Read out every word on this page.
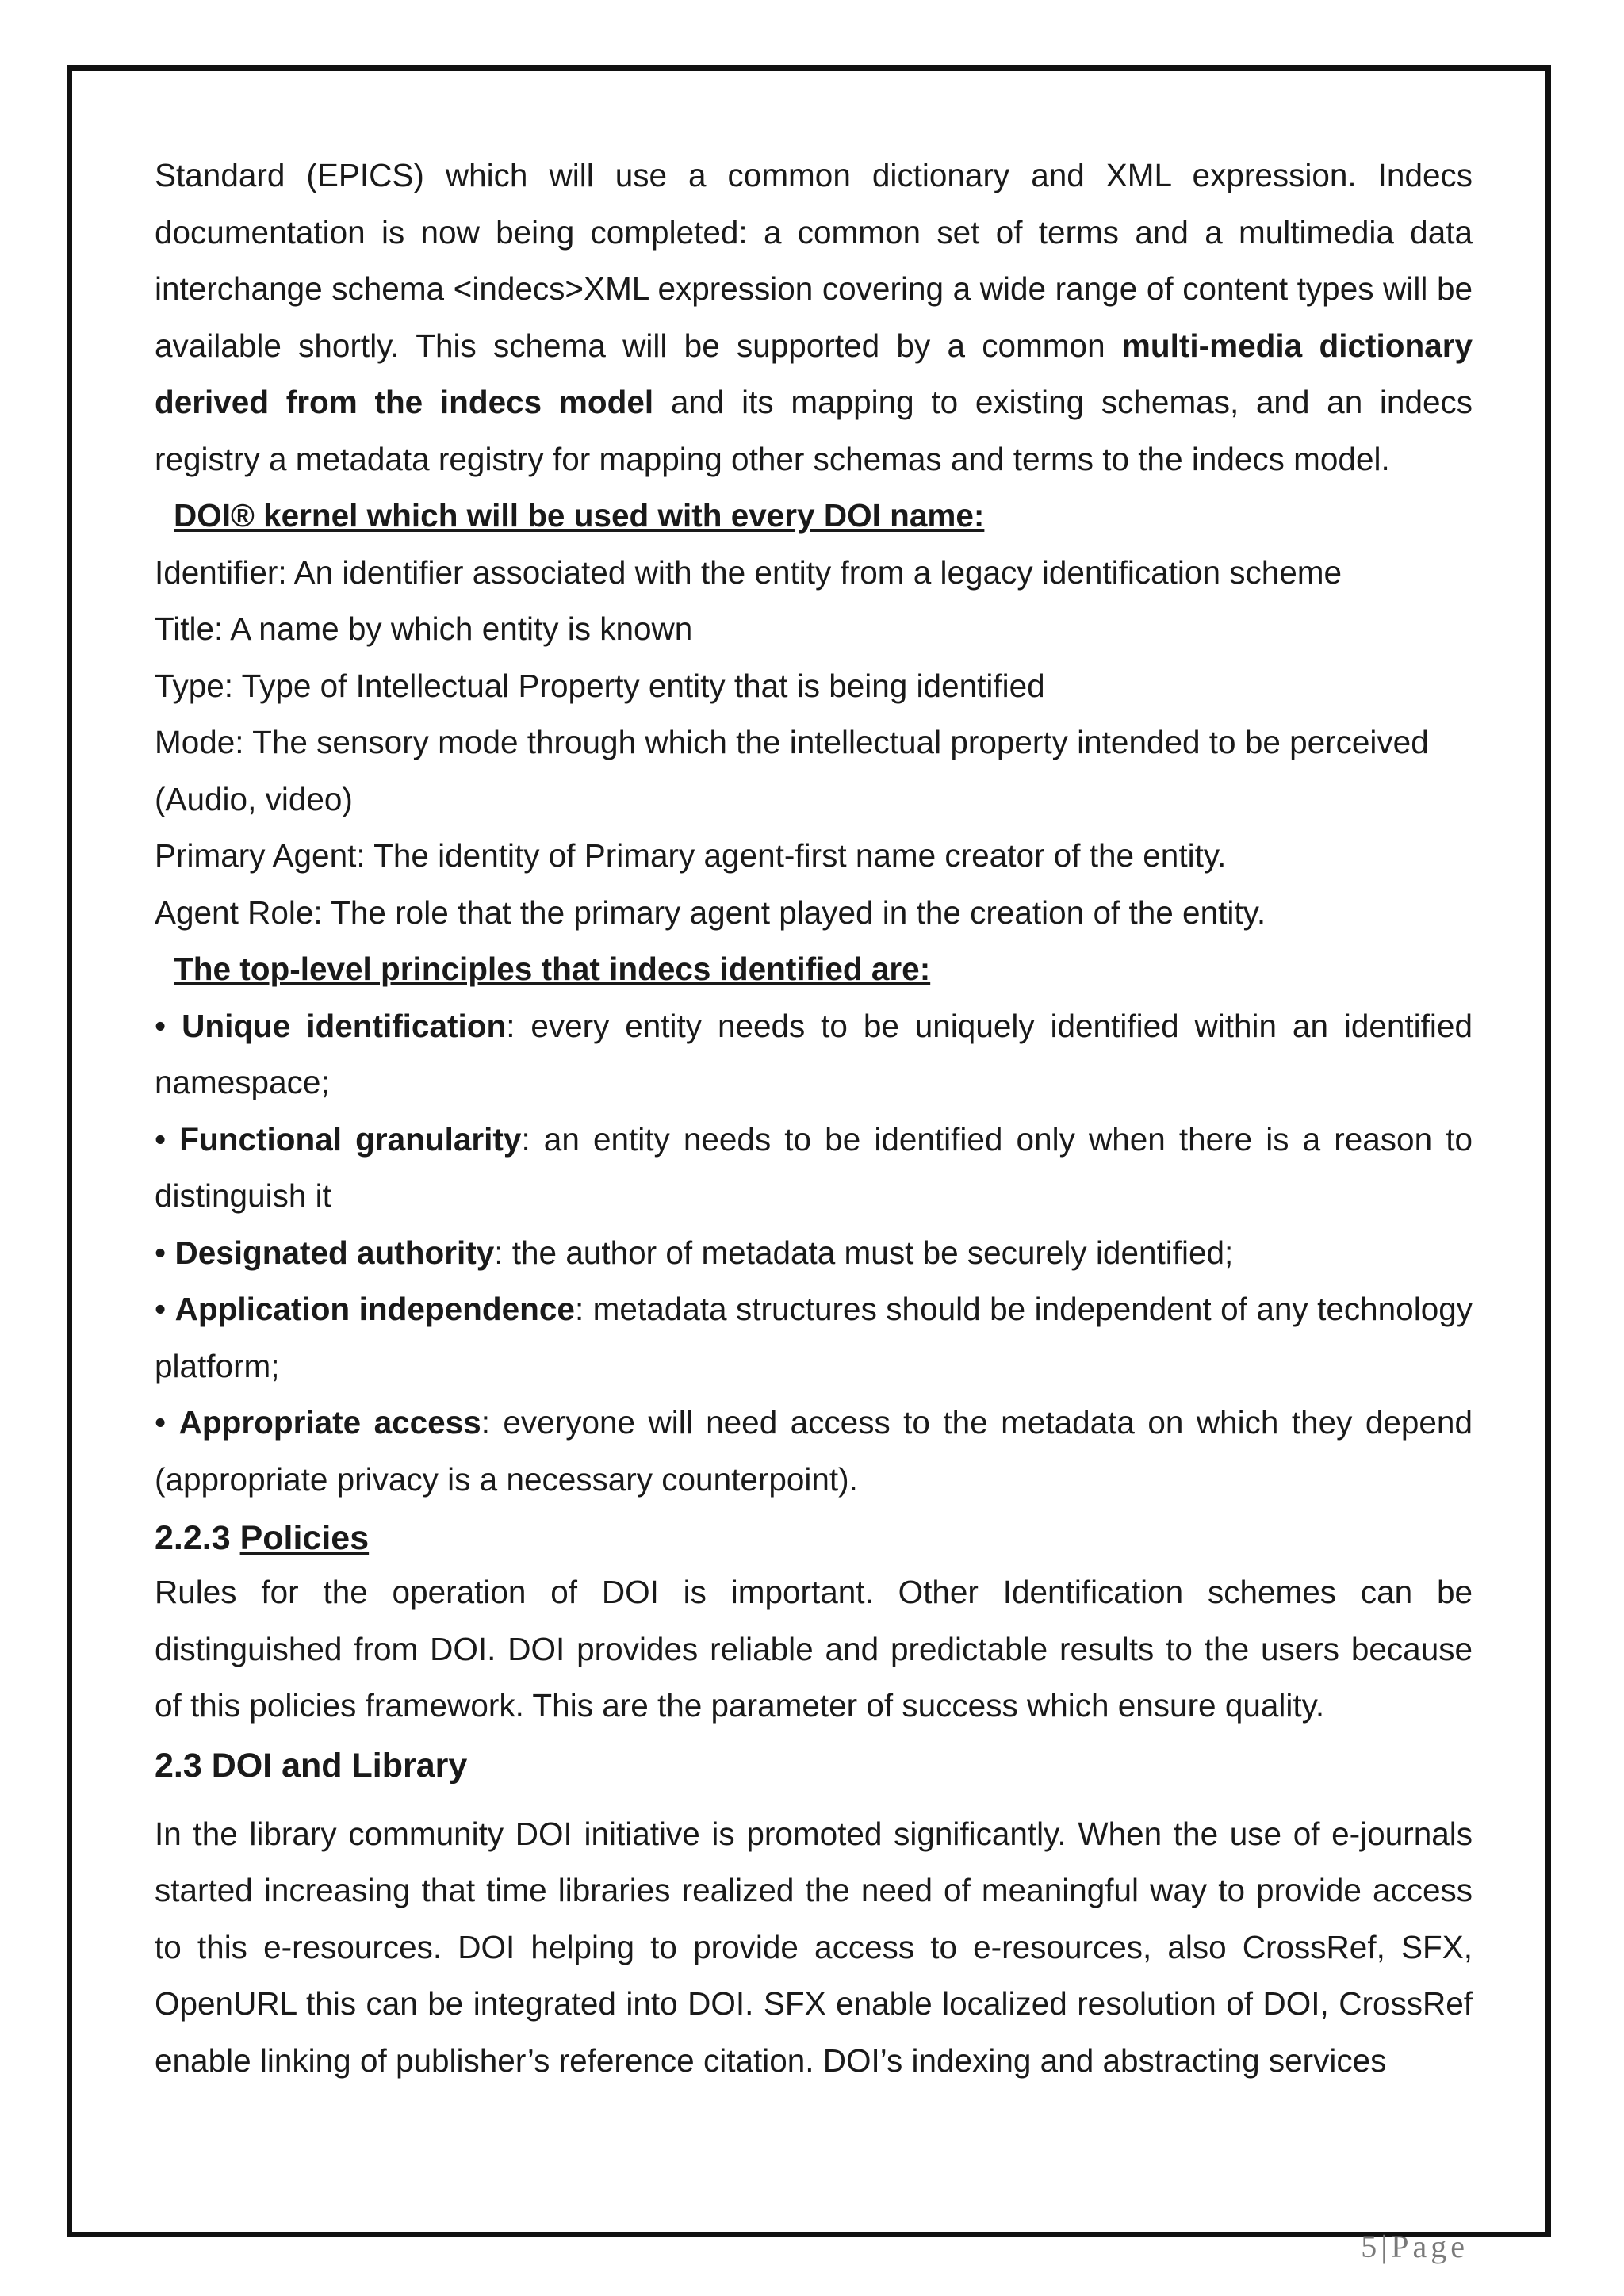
Standard (EPICS) which will use a common dictionary and XML expression. Indecs documentation is now being completed: a common set of terms and a multimedia data interchange schema <indecs>XML expression covering a wide range of content types will be available shortly. This schema will be supported by a common multi-media dictionary derived from the indecs model and its mapping to existing schemas, and an indecs registry a metadata registry for mapping other schemas and terms to the indecs model.

DOI® kernel which will be used with every DOI name:

Identifier: An identifier associated with the entity from a legacy identification scheme

Title: A name by which entity is known

Type: Type of Intellectual Property entity that is being identified

Mode: The sensory mode through which the intellectual property intended to be perceived (Audio, video)

Primary Agent: The identity of Primary agent-first name creator of the entity.

Agent Role: The role that the primary agent played in the creation of the entity.

The top-level principles that indecs identified are:

• Unique identification: every entity needs to be uniquely identified within an identified namespace;

• Functional granularity: an entity needs to be identified only when there is a reason to distinguish it

• Designated authority: the author of metadata must be securely identified;

• Application independence: metadata structures should be independent of any technology platform;

• Appropriate access: everyone will need access to the metadata on which they depend (appropriate privacy is a necessary counterpoint).

2.2.3 Policies

Rules for the operation of DOI is important. Other Identification schemes can be distinguished from DOI. DOI provides reliable and predictable results to the users because of this policies framework. This are the parameter of success which ensure quality.

2.3 DOI and Library

In the library community DOI initiative is promoted significantly. When the use of e-journals started increasing that time libraries realized the need of meaningful way to provide access to this e-resources. DOI helping to provide access to e-resources, also CrossRef, SFX, OpenURL this can be integrated into DOI. SFX enable localized resolution of DOI, CrossRef enable linking of publisher’s reference citation. DOI’s indexing and abstracting services

5|Page
